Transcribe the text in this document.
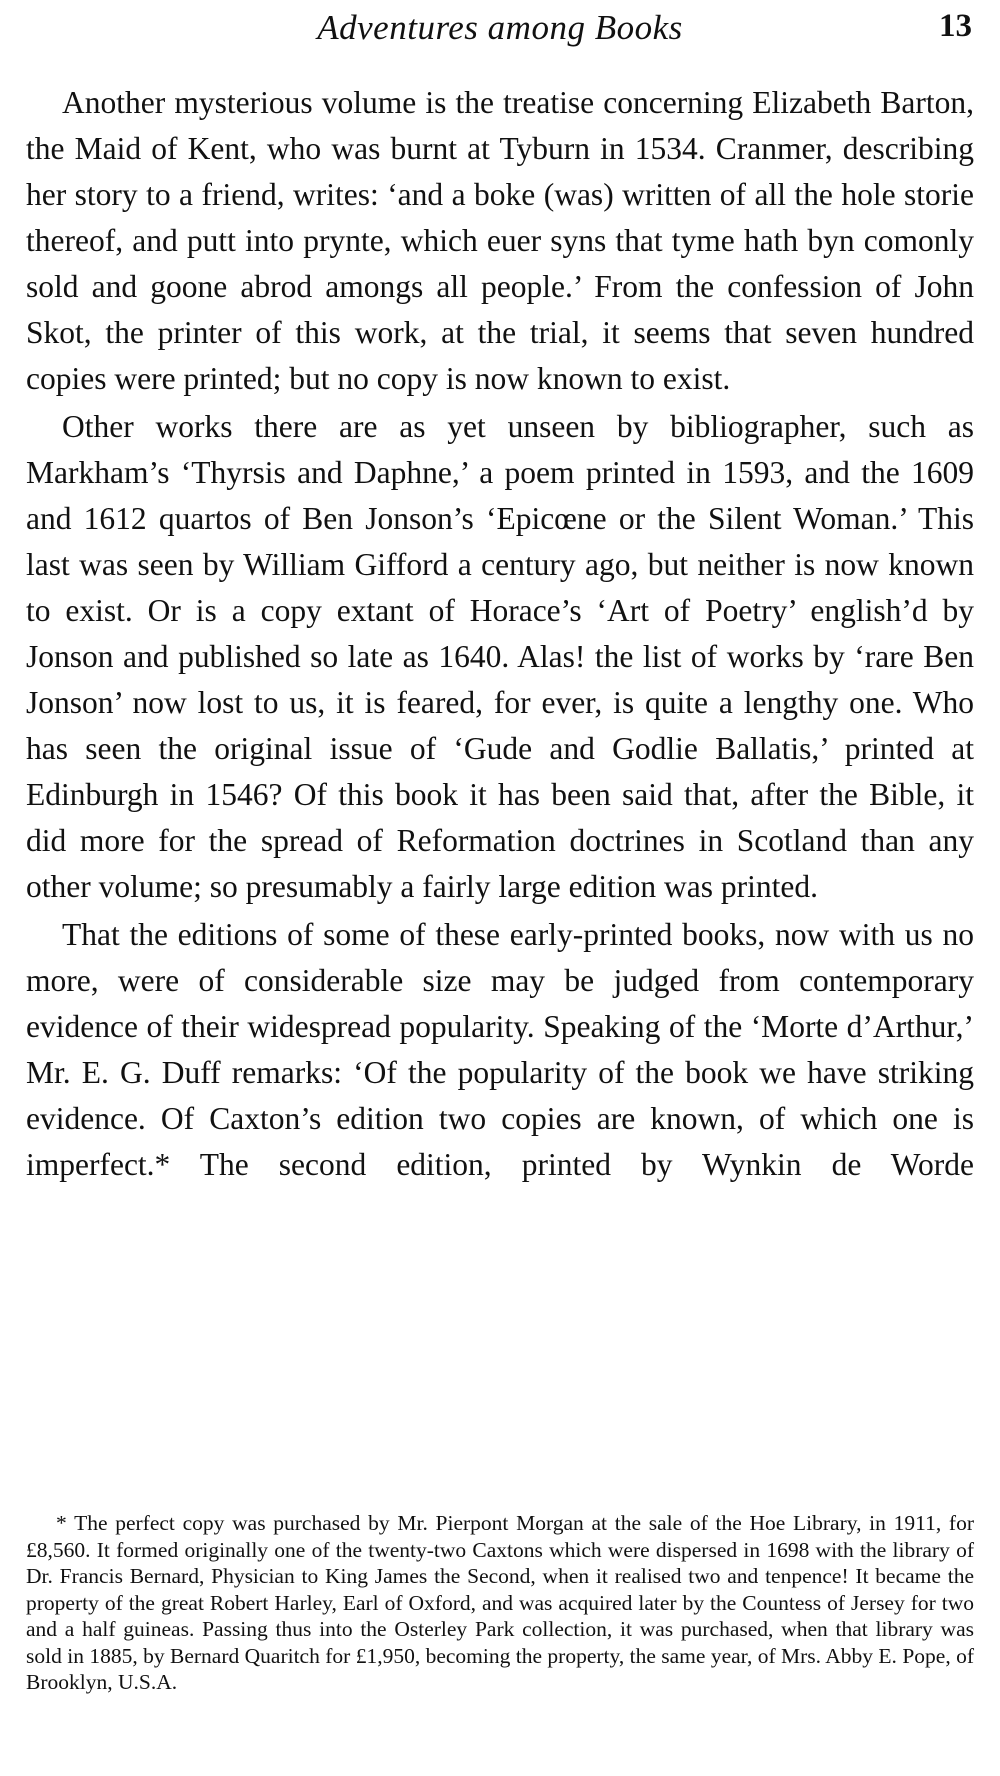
Adventures among Books	13

Another mysterious volume is the treatise concerning Elizabeth Barton, the Maid of Kent, who was burnt at Tyburn in 1534. Cranmer, describing her story to a friend, writes: ‘and a boke (was) written of all the hole storie thereof, and putt into prynte, which euer syns that tyme hath byn comonly sold and goone abrod amongs all people.’ From the confession of John Skot, the printer of this work, at the trial, it seems that seven hundred copies were printed; but no copy is now known to exist.

Other works there are as yet unseen by bibliographer, such as Markham’s ‘Thyrsis and Daphne,’ a poem printed in 1593, and the 1609 and 1612 quartos of Ben Jonson’s ‘Epicœne or the Silent Woman.’ This last was seen by William Gifford a century ago, but neither is now known to exist. Or is a copy extant of Horace’s ‘Art of Poetry’ english’d by Jonson and published so late as 1640. Alas! the list of works by ‘rare Ben Jonson’ now lost to us, it is feared, for ever, is quite a lengthy one. Who has seen the original issue of ‘Gude and Godlie Ballatis,’ printed at Edinburgh in 1546? Of this book it has been said that, after the Bible, it did more for the spread of Reformation doctrines in Scotland than any other volume; so presumably a fairly large edition was printed.

That the editions of some of these early-printed books, now with us no more, were of considerable size may be judged from contemporary evidence of their widespread popularity. Speaking of the ‘Morte d’Arthur,’ Mr. E. G. Duff remarks: ‘Of the popularity of the book we have striking evidence. Of Caxton’s edition two copies are known, of which one is imperfect.* The second edition, printed by Wynkin de Worde

* The perfect copy was purchased by Mr. Pierpont Morgan at the sale of the Hoe Library, in 1911, for £8,560. It formed originally one of the twenty-two Caxtons which were dispersed in 1698 with the library of Dr. Francis Bernard, Physician to King James the Second, when it realised two and tenpence! It became the property of the great Robert Harley, Earl of Oxford, and was acquired later by the Countess of Jersey for two and a half guineas. Passing thus into the Osterley Park collection, it was purchased, when that library was sold in 1885, by Bernard Quaritch for £1,950, becoming the property, the same year, of Mrs. Abby E. Pope, of Brooklyn, U.S.A.
